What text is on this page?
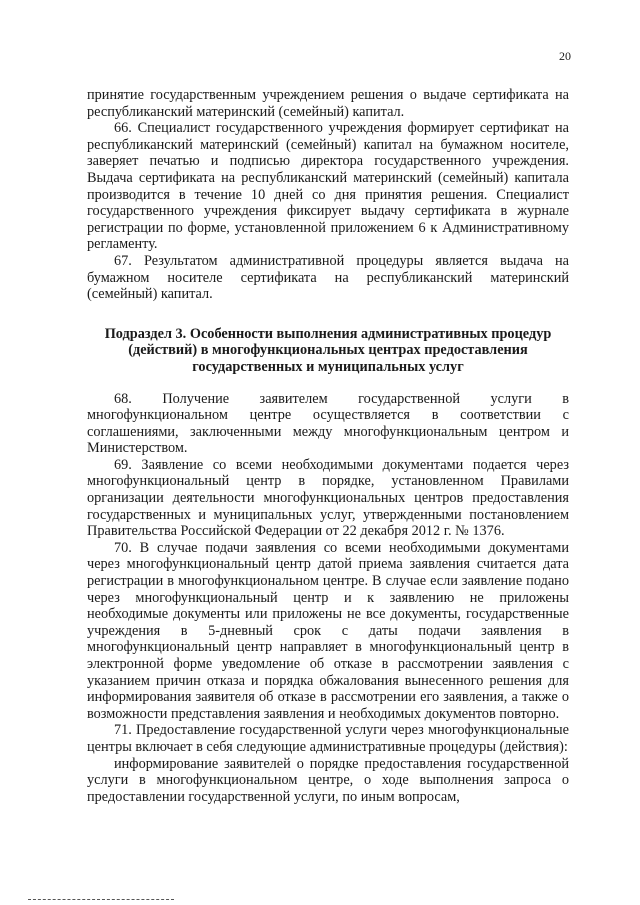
20

принятие государственным учреждением решения о выдаче сертификата на республиканский материнский (семейный) капитал.

66. Специалист государственного учреждения формирует сертификат на республиканский материнский (семейный) капитал на бумажном носителе, заверяет печатью и подписью директора государственного учреждения. Выдача сертификата на республиканский материнский (семейный) капитала производится в течение 10 дней со дня принятия решения. Специалист государственного учреждения фиксирует выдачу сертификата в журнале регистрации по форме, установленной приложением 6 к Административному регламенту.

67. Результатом административной процедуры является выдача на бумажном носителе сертификата на республиканский материнский (семейный) капитал.

Подраздел 3. Особенности выполнения административных процедур (действий) в многофункциональных центрах предоставления государственных и муниципальных услуг

68. Получение заявителем государственной услуги в многофункциональном центре осуществляется в соответствии с соглашениями, заключенными между многофункциональным центром и Министерством.

69. Заявление со всеми необходимыми документами подается через многофункциональный центр в порядке, установленном Правилами организации деятельности многофункциональных центров предоставления государственных и муниципальных услуг, утвержденными постановлением Правительства Российской Федерации от 22 декабря 2012 г. № 1376.

70. В случае подачи заявления со всеми необходимыми документами через многофункциональный центр датой приема заявления считается дата регистрации в многофункциональном центре. В случае если заявление подано через многофункциональный центр и к заявлению не приложены необходимые документы или приложены не все документы, государственные учреждения в 5-дневный срок с даты подачи заявления в многофункциональный центр направляет в многофункциональный центр в электронной форме уведомление об отказе в рассмотрении заявления с указанием причин отказа и порядка обжалования вынесенного решения для информирования заявителя об отказе в рассмотрении его заявления, а также о возможности представления заявления и необходимых документов повторно.

71. Предоставление государственной услуги через многофункциональные центры включает в себя следующие административные процедуры (действия):

информирование заявителей о порядке предоставления государственной услуги в многофункциональном центре, о ходе выполнения запроса о предоставлении государственной услуги, по иным вопросам,
